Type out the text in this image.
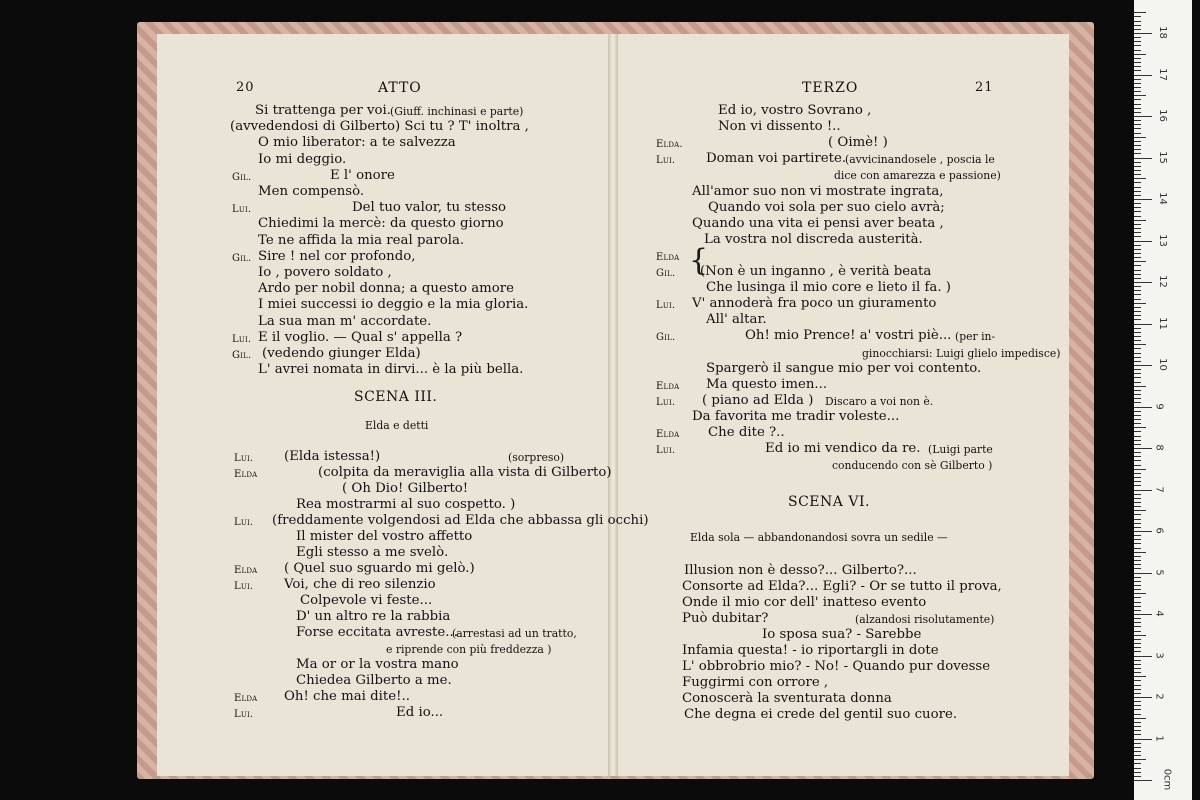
20	ATTO
Si trattenga per voi. (Giuff. inchinasi e parte)
(avvedendosi di Gilberto) Sci tu ? T' inoltra ,
O mio liberator: a te salvezza
Io mi deggio.
Gil.	E l' onore
Men compensò.
Lui.	Del tuo valor, tu stesso
Chiedimi la mercè: da questo giorno
Te ne affida la mia real parola.
Gil. Sire ! nel cor profondo,
Io , povero soldato ,
Ardo per nobil donna; a questo amore
I miei successi io deggio e la mia gloria.
La sua man m' accordate.
Lui. E il voglio. — Qual s' appella ?
Gil. (vedendo giunger Elda)
L' avrei nomata in dirvi... è la più bella.
SCENA III.
Elda e detti
Lui. (Elda istessa!)	(sorpreso)
Elda	(colpita da meraviglia alla vista di Gilberto)
( Oh Dio! Gilberto!
Rea mostrarmi al suo cospetto. )
Lui. (freddamente volgendosi ad Elda che abbassa gli occhi)
Il mister del vostro affetto
Egli stesso a me svelò.
Elda ( Quel suo sguardo mi gelò.)
Lui. Voi, che di reo silenzio
Colpevole vi feste...
D' un altro re la rabbia
Forse eccitata avreste...
(arrestasi ad un tratto,
e riprende con più freddezza )
Ma or or la vostra mano
Chiedea Gilberto a me.
Elda Oh! che mai dite!..
Lui.	Ed io...
TERZO	21
Ed io, vostro Sovrano ,
Non vi dissento !..
Elda.	( Oimè! )
Lui. Doman voi partirete.
(avvicinandosele , poscia le
dice con amarezza e passione)
All'amor suo non vi mostrate ingrata,
Quando voi sola per suo cielo avrà;
Quando una vita ei pensi aver beata ,
La vostra nol discreda austerità.
Elda
Gil. (Non è un inganno , è verità beata
Che lusinga il mio core e lieto il fa. )
Lui. V' annoderà fra poco un giuramento
All' altar.
Gil.	Oh! mio Prence! a' vostri piè... (per in-
ginocchiarsi: Luigi glielo impedisce)
Spargerò il sangue mio per voi contento.
Elda Ma questo imen...
Lui. ( piano ad Elda ) Discaro a voi non è.
Da favorita me tradir voleste...
Elda Che dite ?..
Lui.	Ed io mi vendico da re. (Luigi parte
conducendo con sè Gilberto )
SCENA VI.
Elda sola — abbandonandosi sovra un sedile —
Illusion non è desso?... Gilberto?...
Consorte ad Elda?... Egli? - Or se tutto il prova,
Onde il mio cor dell' inatteso evento
Può dubitar?	(alzandosi risolutamente)
Io sposa sua? - Sarebbe
Infamia questa! - io riportargli in dote
L' obbrobrio mio? - No! - Quando pur dovesse
Fuggirmi con orrore ,
Conoscerà la sventurata donna
Che degna ei crede del gentil suo cuore.
{
0cm
1
2
3
4
5
6
7
8
9
10
11
12
13
14
15
16
17
18
